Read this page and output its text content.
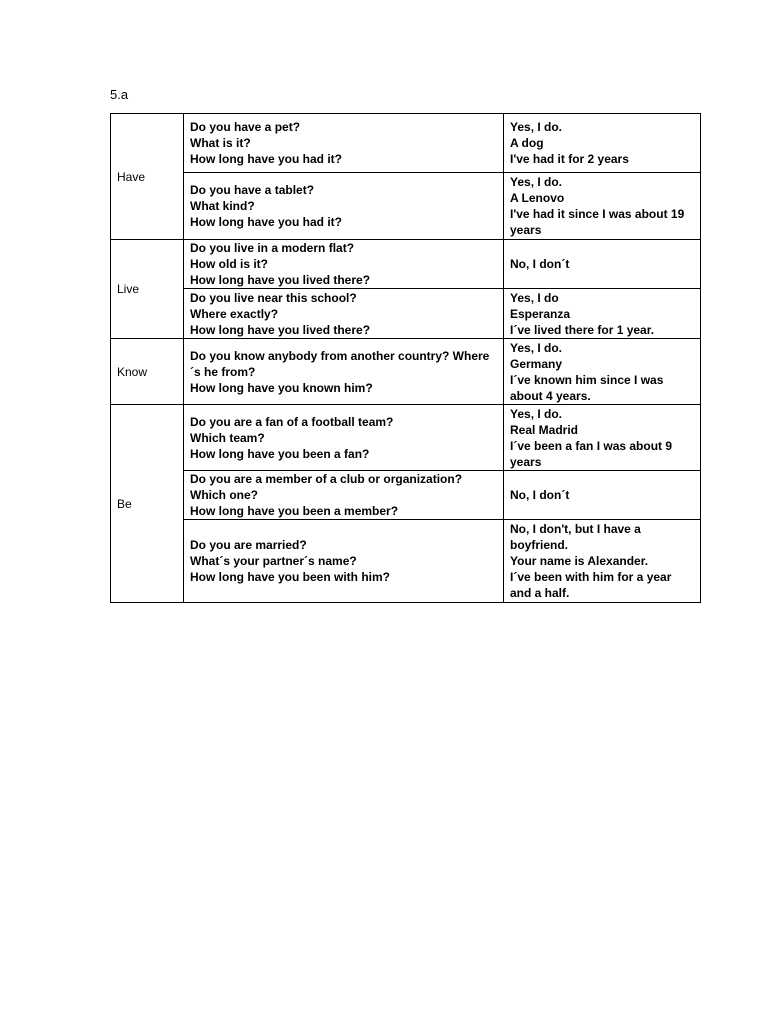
5.a
Have	Do you have a pet?
What is it?
How long have you had it?	Yes, I do.
A dog
I've had it for 2 years

	Do you have a tablet?
What kind?
How long have you had it?	Yes, I do.
A Lenovo
I've had it since I was about 19
years

Live	Do you live in a modern flat?
How old is it?
How long have you lived there?	No, I don´t

	Do you live near this school?
Where exactly?
How long have you lived there?	Yes, I do
Esperanza
I´ve lived there for 1 year.

Know	Do you know anybody from another country? Where
´s he from?
How long have you known him?	Yes, I do.
Germany
I´ve known him since I was
about 4 years.

Be	Do you are a fan of a football team?
Which team?
How long have you been a fan?	Yes, I do.
Real Madrid
I´ve been a fan I was about 9
years

	Do you are a member of a club or organization?
Which one?
How long have you been a member?	No, I don´t

	Do you are married?
What´s your partner´s name?
How long have you been with him?	No, I don't, but I have a
boyfriend.
Your name is Alexander.
I´ve been with him for a year
and a half.
